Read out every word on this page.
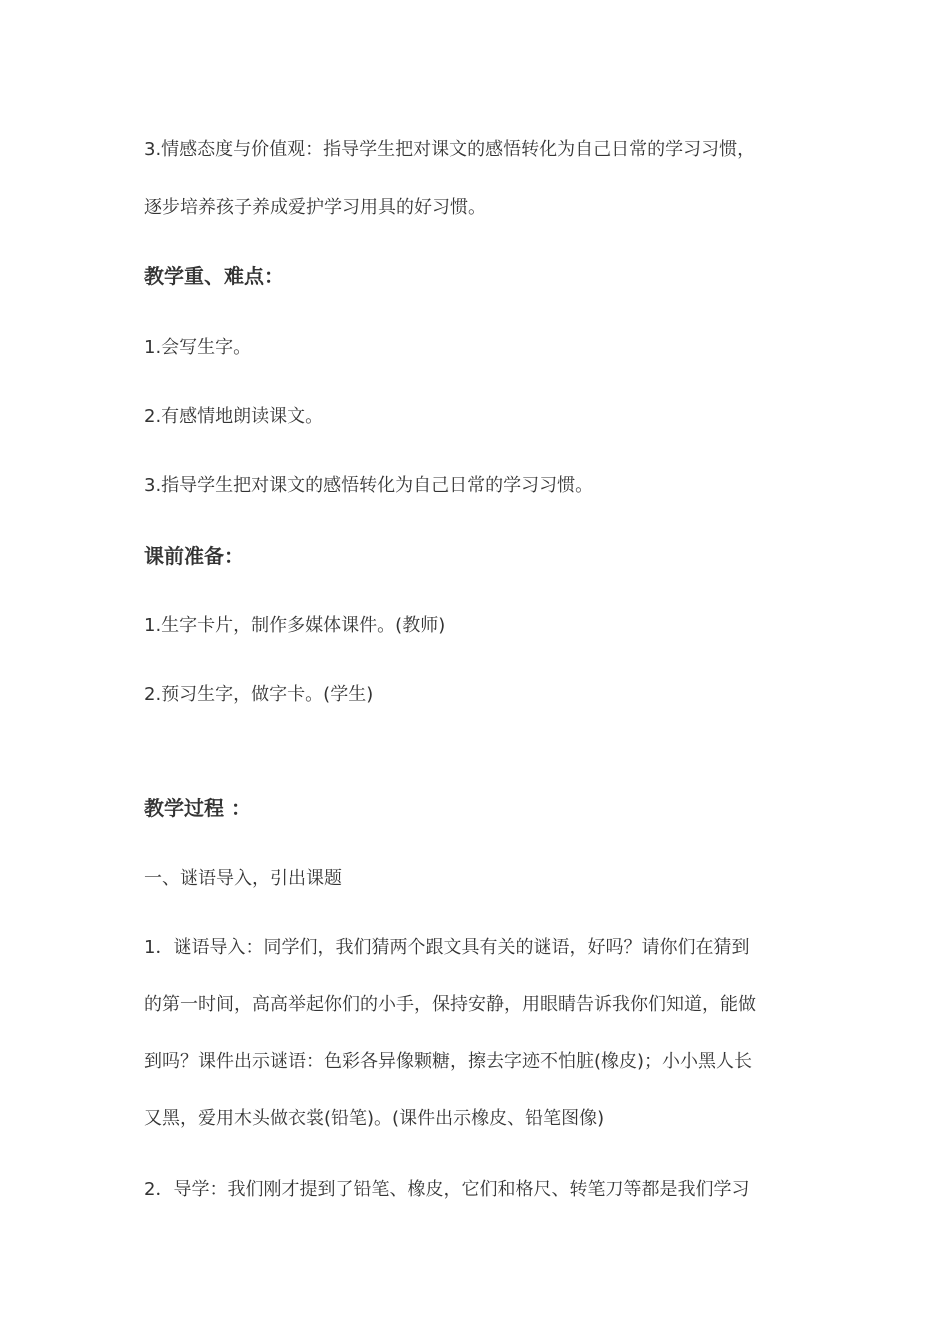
3.情感态度与价值观：指导学生把对课文的感悟转化为自己日常的学习习惯，
逐步培养孩子养成爱护学习用具的好习惯。
教学重、难点：
1.会写生字。
2.有感情地朗读课文。
3.指导学生把对课文的感悟转化为自己日常的学习习惯。
课前准备：
1.生字卡片，制作多媒体课件。(教师)
2.预习生字，做字卡。(学生)
教学过程 ：
一、谜语导入，引出课题
1．谜语导入：同学们，我们猜两个跟文具有关的谜语，好吗？请你们在猜到
的第一时间，高高举起你们的小手，保持安静，用眼睛告诉我你们知道，能做
到吗？课件出示谜语：色彩各异像颗糖，擦去字迹不怕脏(橡皮)；小小黑人长
又黑，爱用木头做衣裳(铅笔)。(课件出示橡皮、铅笔图像)
2．导学：我们刚才提到了铅笔、橡皮，它们和格尺、转笔刀等都是我们学习
